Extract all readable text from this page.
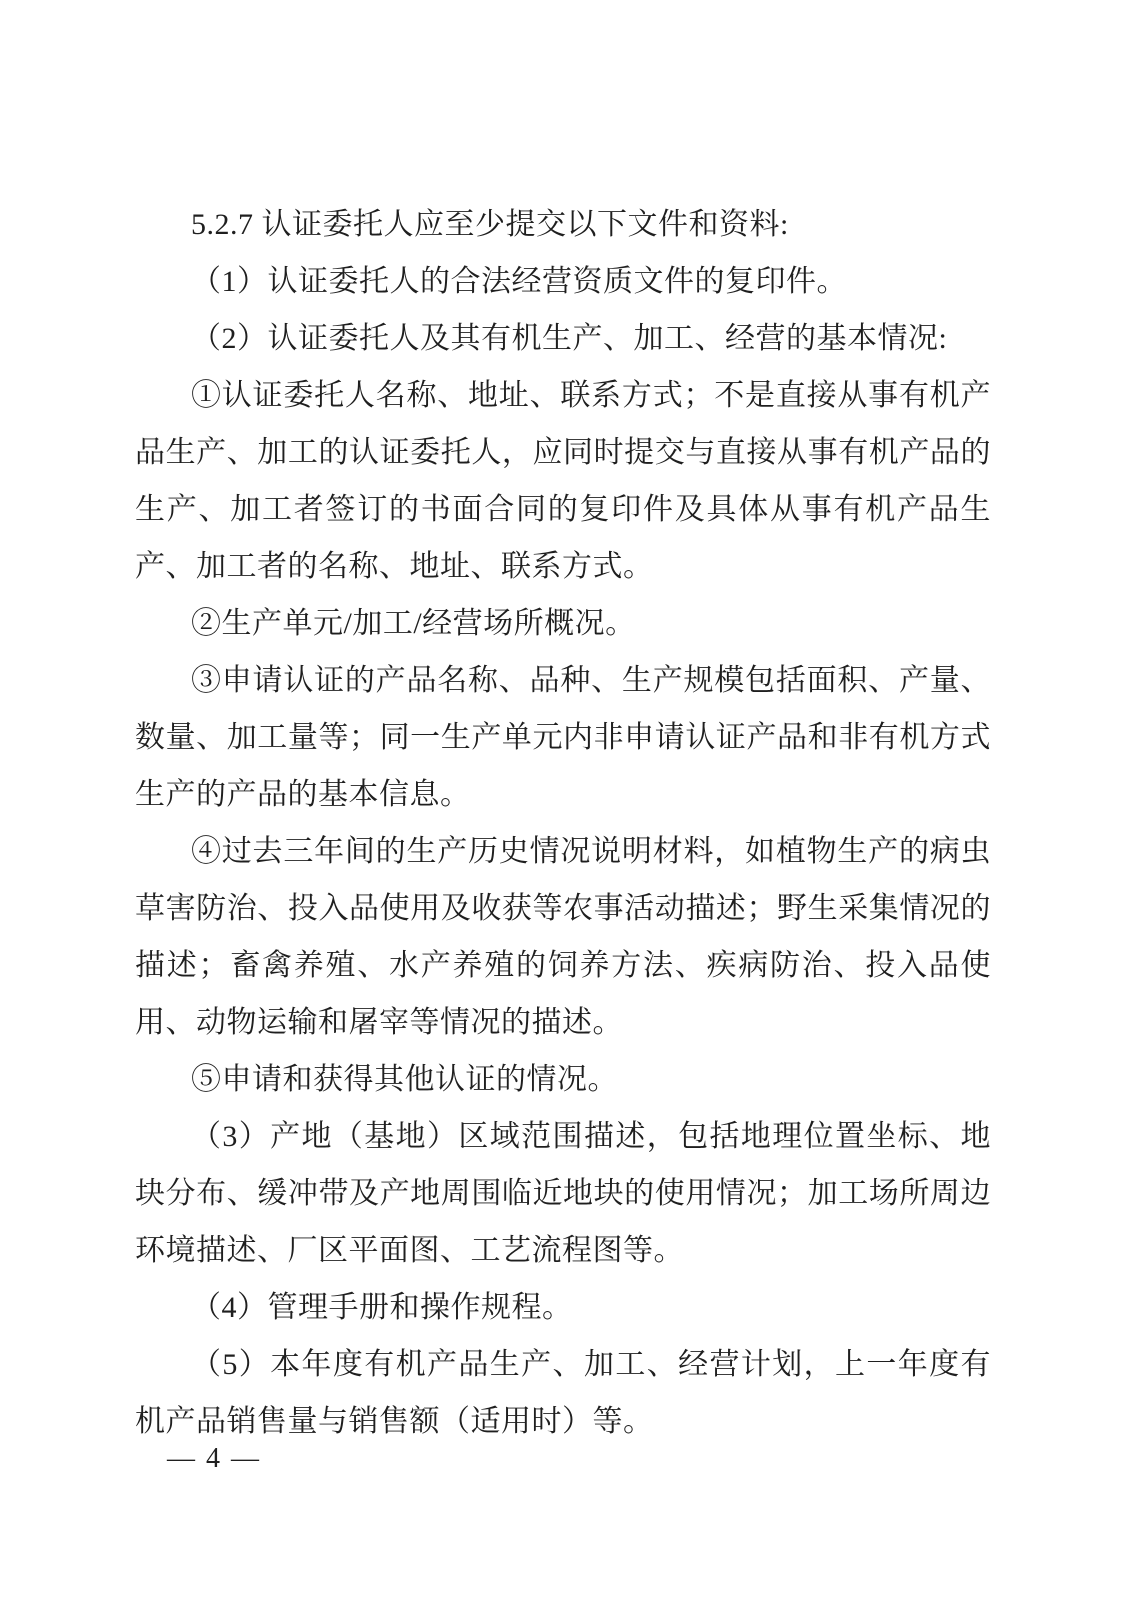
5.2.7 认证委托人应至少提交以下文件和资料:

（1）认证委托人的合法经营资质文件的复印件。

（2）认证委托人及其有机生产、加工、经营的基本情况:

①认证委托人名称、地址、联系方式；不是直接从事有机产品生产、加工的认证委托人，应同时提交与直接从事有机产品的生产、加工者签订的书面合同的复印件及具体从事有机产品生产、加工者的名称、地址、联系方式。

②生产单元/加工/经营场所概况。

③申请认证的产品名称、品种、生产规模包括面积、产量、数量、加工量等；同一生产单元内非申请认证产品和非有机方式生产的产品的基本信息。

④过去三年间的生产历史情况说明材料，如植物生产的病虫草害防治、投入品使用及收获等农事活动描述；野生采集情况的描述；畜禽养殖、水产养殖的饲养方法、疾病防治、投入品使用、动物运输和屠宰等情况的描述。

⑤申请和获得其他认证的情况。

（3）产地（基地）区域范围描述，包括地理位置坐标、地块分布、缓冲带及产地周围临近地块的使用情况；加工场所周边环境描述、厂区平面图、工艺流程图等。

（4）管理手册和操作规程。

（5）本年度有机产品生产、加工、经营计划，上一年度有机产品销售量与销售额（适用时）等。

— 4 —
